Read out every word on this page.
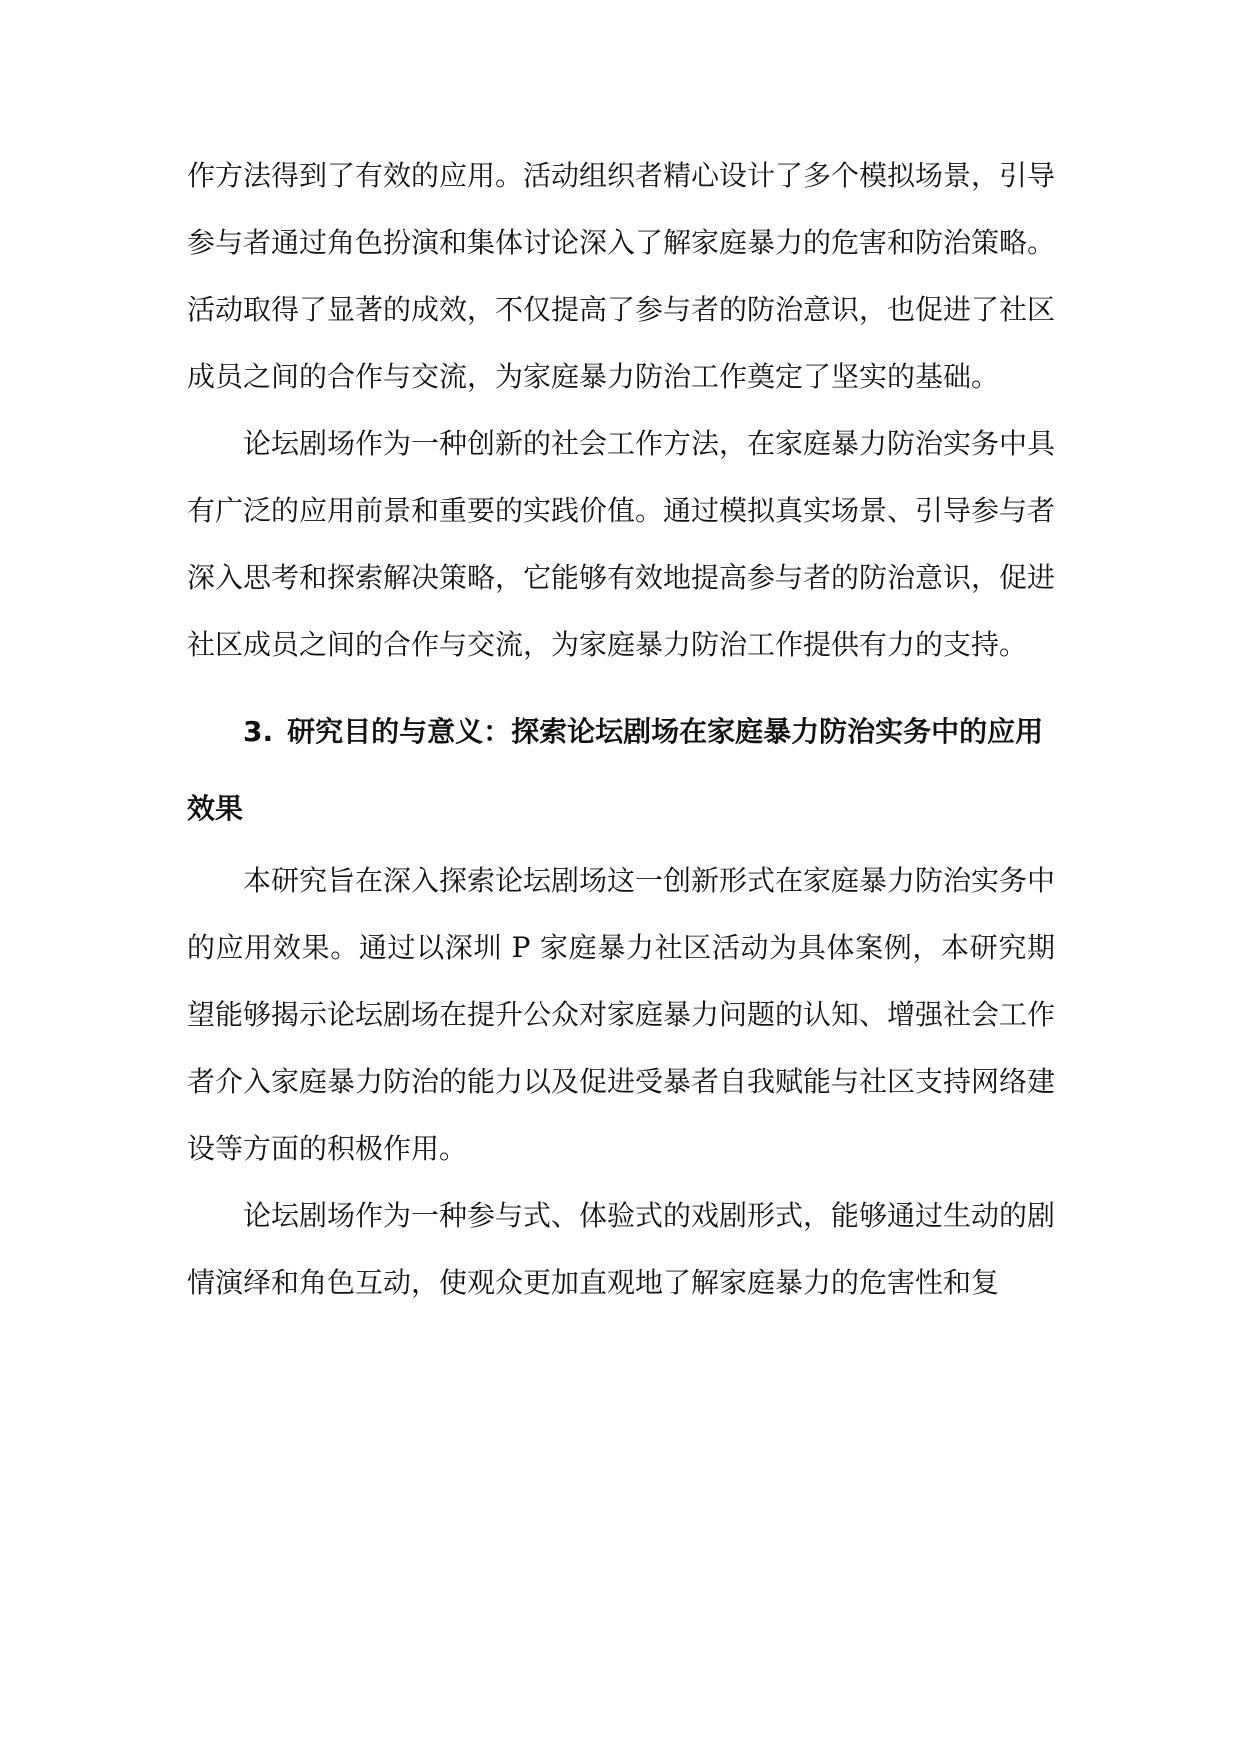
作方法得到了有效的应用。活动组织者精心设计了多个模拟场景，引导参与者通过角色扮演和集体讨论深入了解家庭暴力的危害和防治策略。活动取得了显著的成效，不仅提高了参与者的防治意识，也促进了社区成员之间的合作与交流，为家庭暴力防治工作奠定了坚实的基础。

论坛剧场作为一种创新的社会工作方法，在家庭暴力防治实务中具有广泛的应用前景和重要的实践价值。通过模拟真实场景、引导参与者深入思考和探索解决策略，它能够有效地提高参与者的防治意识，促进社区成员之间的合作与交流，为家庭暴力防治工作提供有力的支持。

3. 研究目的与意义：探索论坛剧场在家庭暴力防治实务中的应用效果

本研究旨在深入探索论坛剧场这一创新形式在家庭暴力防治实务中的应用效果。通过以深圳 P 家庭暴力社区活动为具体案例，本研究期望能够揭示论坛剧场在提升公众对家庭暴力问题的认知、增强社会工作者介入家庭暴力防治的能力以及促进受暴者自我赋能与社区支持网络建设等方面的积极作用。

论坛剧场作为一种参与式、体验式的戏剧形式，能够通过生动的剧情演绎和角色互动，使观众更加直观地了解家庭暴力的危害性和复
